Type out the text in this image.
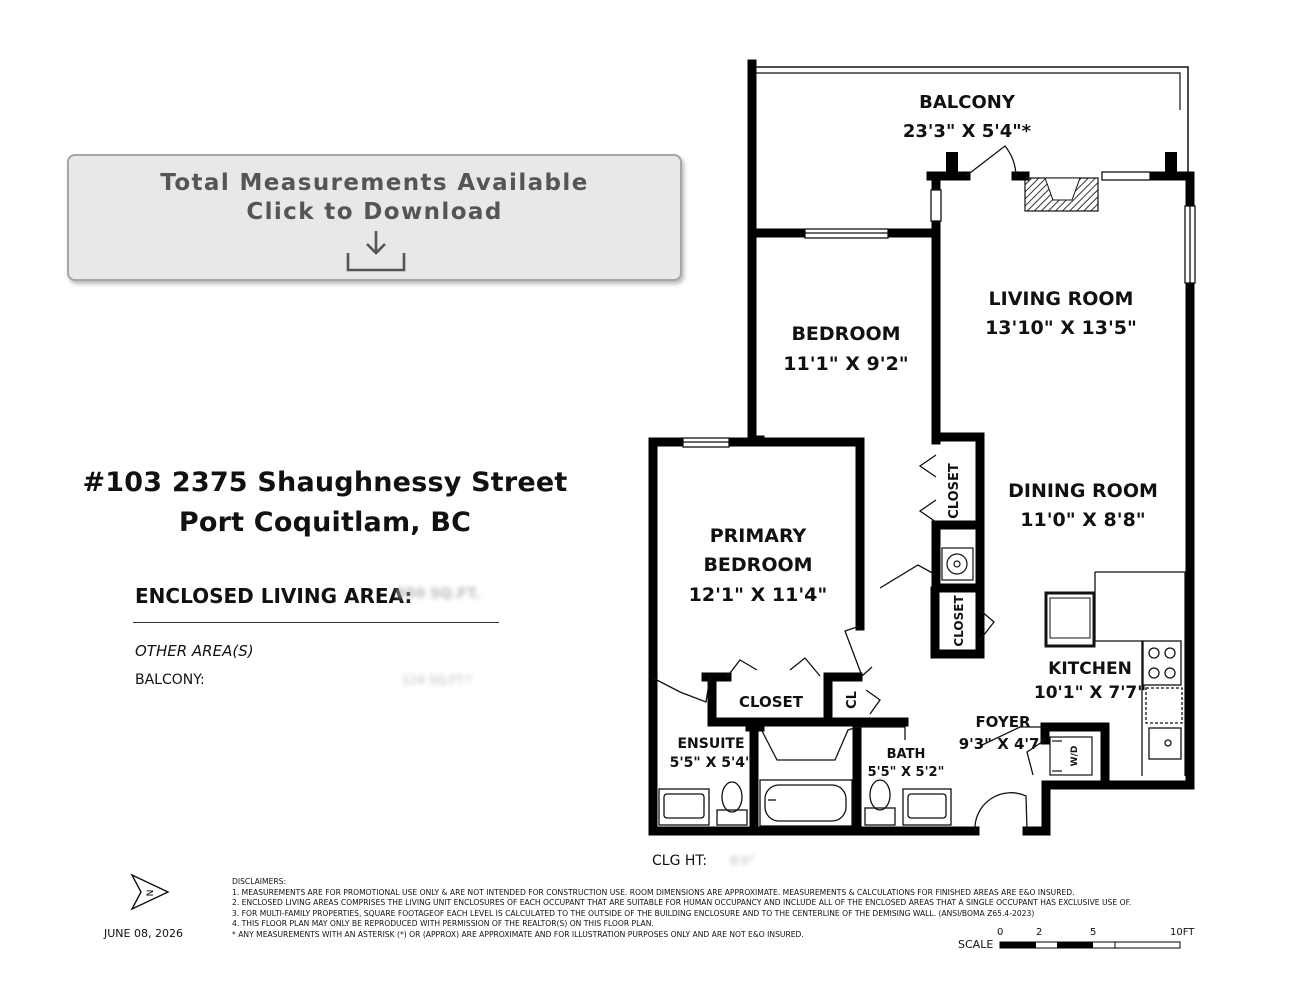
Total Measurements Available
Click to Download
#103 2375 Shaughnessy Street
Port Coquitlam, BC
ENCLOSED LIVING AREA:
950 SQ.FT.
OTHER AREA(S)
BALCONY:	124 SQ.FT.*
BALCONY
23'3" X 5'4"*
LIVING ROOM
13'10" X 13'5"
BEDROOM
11'1" X 9'2"
DINING ROOM
11'0" X 8'8"
PRIMARY
BEDROOM
12'1" X 11'4"
CLOSET
CLOSET
CLOSET
CL
KITCHEN
10'1" X 7'7"
FOYER
9'3" X 4'7"
ENSUITE
5'5" X 5'4"
BATH
5'5" X 5'2"
W/D
CLG HT: 8'0"
N
JUNE 08, 2026
DISCLAIMERS:
1. MEASUREMENTS ARE FOR PROMOTIONAL USE ONLY & ARE NOT INTENDED FOR CONSTRUCTION USE. ROOM DIMENSIONS ARE APPROXIMATE. MEASUREMENTS & CALCULATIONS FOR FINISHED AREAS ARE E&O INSURED.
2. ENCLOSED LIVING AREAS COMPRISES THE LIVING UNIT ENCLOSURES OF EACH OCCUPANT THAT ARE SUITABLE FOR HUMAN OCCUPANCY AND INCLUDE ALL OF THE ENCLOSED AREAS THAT A SINGLE OCCUPANT HAS EXCLUSIVE USE OF.
3. FOR MULTI-FAMILY PROPERTIES, SQUARE FOOTAGEOF EACH LEVEL IS CALCULATED TO THE OUTSIDE OF THE BUILDING ENCLOSURE AND TO THE CENTERLINE OF THE DEMISING WALL. (ANSI/BOMA Z65.4-2023)
4. THIS FLOOR PLAN MAY ONLY BE REPRODUCED WITH PERMISSION OF THE REALTOR(S) ON THIS FLOOR PLAN.
* ANY MEASUREMENTS WITH AN ASTERISK (*) OR (APPROX) ARE APPROXIMATE AND FOR ILLUSTRATION PURPOSES ONLY AND ARE NOT E&O INSURED.
SCALE
0	2	5	10FT
